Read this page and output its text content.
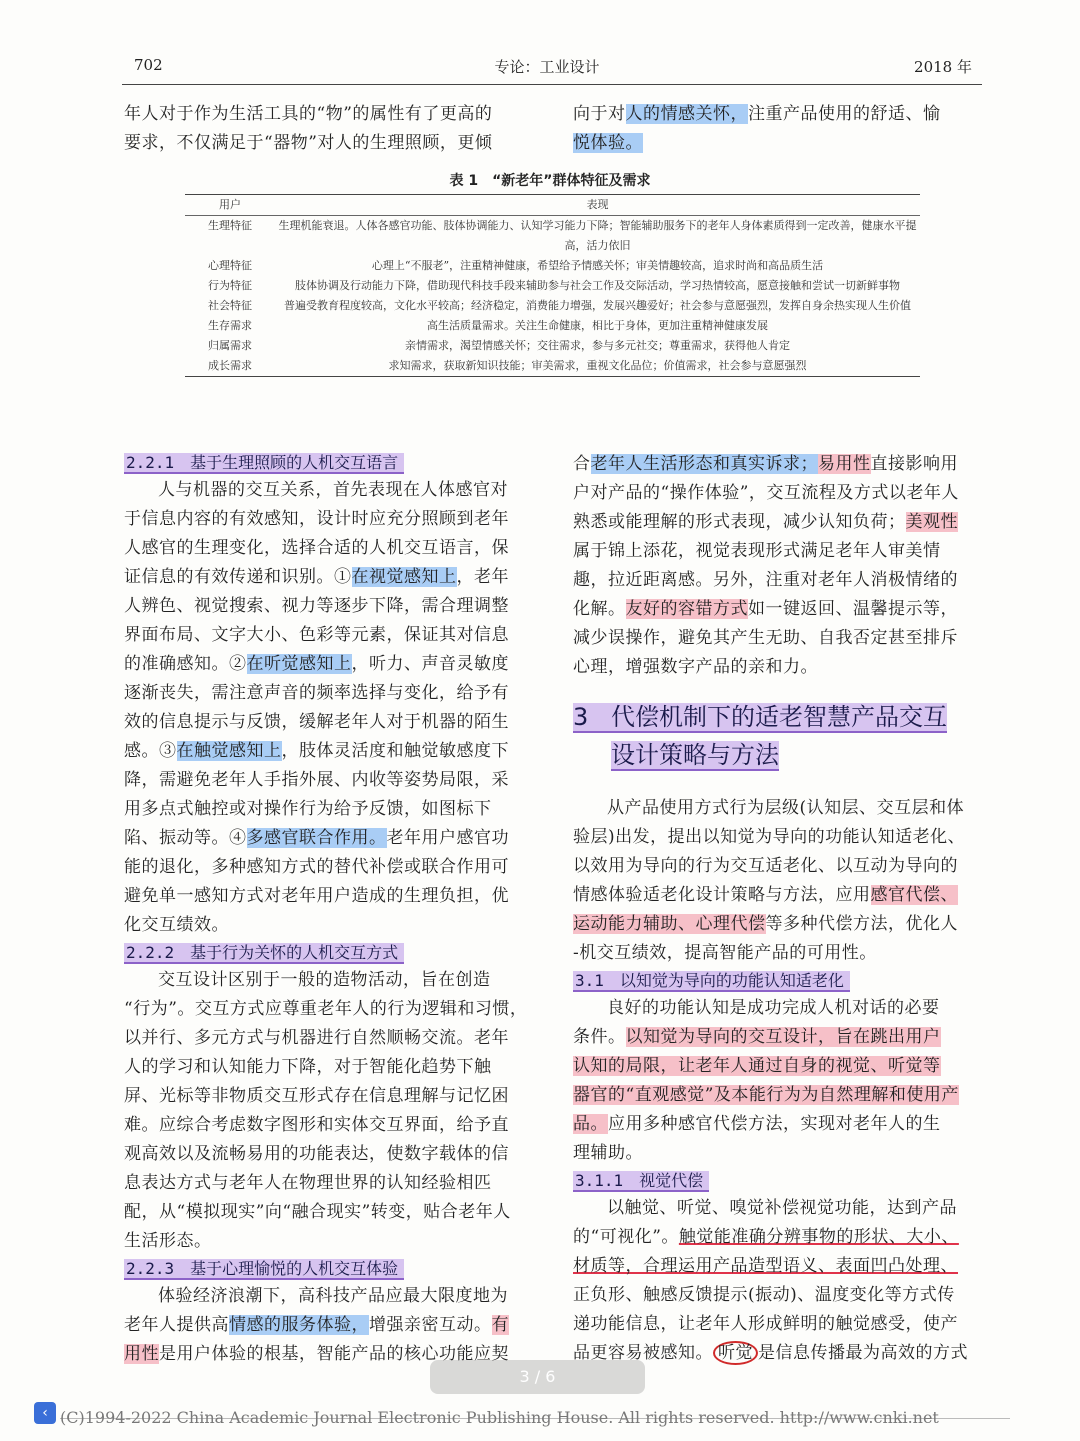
702	专论：工业设计	2018 年

年人对于作为生活工具的“物”的属性有了更高的

要求，不仅满足于“器物”对人的生理照顾，更倾

向于对人的情感关怀，注重产品使用的舒适、愉

悦体验。

表 1　“新老年”群体特征及需求
用户	表现
生理特征	生理机能衰退。人体各感官功能、肢体协调能力、认知学习能力下降；智能辅助服务下的老年人身体素质得到一定改善，健康水平提高，活力依旧
心理特征	心理上“不服老”，注重精神健康，希望给予情感关怀；审美情趣较高，追求时尚和高品质生活
行为特征	肢体协调及行动能力下降，借助现代科技手段来辅助参与社会工作及交际活动，学习热情较高，愿意接触和尝试一切新鲜事物
社会特征	普遍受教育程度较高，文化水平较高；经济稳定，消费能力增强，发展兴趣爱好；社会参与意愿强烈，发挥自身余热实现人生价值
生存需求	高生活质量需求。关注生命健康，相比于身体，更加注重精神健康发展
归属需求	亲情需求，渴望情感关怀；交往需求，参与多元社交；尊重需求，获得他人肯定
成长需求	求知需求，获取新知识技能；审美需求，重视文化品位；价值需求，社会参与意愿强烈
2.2.1　基于生理照顾的人机交互语言

人与机器的交互关系，首先表现在人体感官对

于信息内容的有效感知，设计时应充分照顾到老年

人感官的生理变化，选择合适的人机交互语言，保

证信息的有效传递和识别。①在视觉感知上，老年

人辨色、视觉搜索、视力等逐步下降，需合理调整

界面布局、文字大小、色彩等元素，保证其对信息

的准确感知。②在听觉感知上，听力、声音灵敏度

逐渐丧失，需注意声音的频率选择与变化，给予有

效的信息提示与反馈，缓解老年人对于机器的陌生

感。③在触觉感知上，肢体灵活度和触觉敏感度下

降，需避免老年人手指外展、内收等姿势局限，采

用多点式触控或对操作行为给予反馈，如图标下

陷、振动等。④多感官联合作用。老年用户感官功

能的退化，多种感知方式的替代补偿或联合作用可

避免单一感知方式对老年用户造成的生理负担，优

化交互绩效。

2.2.2　基于行为关怀的人机交互方式

交互设计区别于一般的造物活动，旨在创造

“行为”。交互方式应尊重老年人的行为逻辑和习惯，

以并行、多元方式与机器进行自然顺畅交流。老年

人的学习和认知能力下降，对于智能化趋势下触

屏、光标等非物质交互形式存在信息理解与记忆困

难。应综合考虑数字图形和实体交互界面，给予直

观高效以及流畅易用的功能表达，使数字载体的信

息表达方式与老年人在物理世界的认知经验相匹

配，从“模拟现实”向“融合现实”转变，贴合老年人

生活形态。

2.2.3　基于心理愉悦的人机交互体验

体验经济浪潮下，高科技产品应最大限度地为

老年人提供高情感的服务体验，增强亲密互动。有

用性是用户体验的根基，智能产品的核心功能应契

合老年人生活形态和真实诉求；易用性直接影响用

户对产品的“操作体验”，交互流程及方式以老年人

熟悉或能理解的形式表现，减少认知负荷；美观性

属于锦上添花，视觉表现形式满足老年人审美情

趣，拉近距离感。另外，注重对老年人消极情绪的

化解。友好的容错方式如一键返回、温馨提示等，

减少误操作，避免其产生无助、自我否定甚至排斥

心理，增强数字产品的亲和力。

3 代偿机制下的适老智慧产品交互
设计策略与方法

从产品使用方式行为层级(认知层、交互层和体

验层)出发，提出以知觉为导向的功能认知适老化、

以效用为导向的行为交互适老化、以互动为导向的

情感体验适老化设计策略与方法，应用感官代偿、

运动能力辅助、心理代偿等多种代偿方法，优化人

-机交互绩效，提高智能产品的可用性。

3.1　以知觉为导向的功能认知适老化

良好的功能认知是成功完成人机对话的必要

条件。以知觉为导向的交互设计，旨在跳出用户

认知的局限，让老年人通过自身的视觉、听觉等

器官的“直观感觉”及本能行为为自然理解和使用产

品。应用多种感官代偿方法，实现对老年人的生

理辅助。

3.1.1　视觉代偿

以触觉、听觉、嗅觉补偿视觉功能，达到产品

的“可视化”。触觉能准确分辨事物的形状、大小、

材质等，合理运用产品造型语义、表面凹凸处理、

正负形、触感反馈提示(振动)、温度变化等方式传

递功能信息，让老年人形成鲜明的触觉感受，使产

品更容易被感知。 听觉 是信息传播最为高效的方式

3 / 6
‹ (C)1994-2022 China Academic Journal Electronic Publishing House. All rights reserved. http://www.cnki.net
